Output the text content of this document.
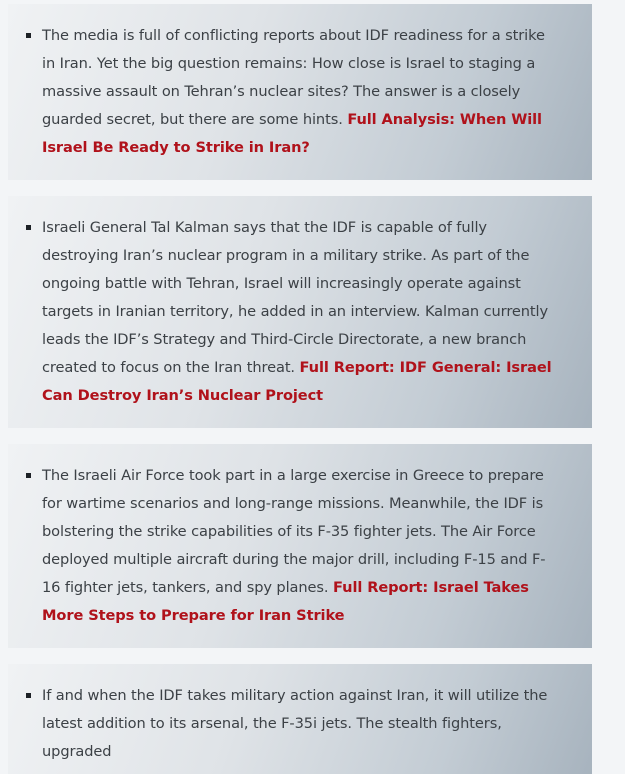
The media is full of conflicting reports about IDF readiness for a strike in Iran. Yet the big question remains: How close is Israel to staging a massive assault on Tehran’s nuclear sites? The answer is a closely guarded secret, but there are some hints. Full Analysis: When Will Israel Be Ready to Strike in Iran?
Israeli General Tal Kalman says that the IDF is capable of fully destroying Iran’s nuclear program in a military strike. As part of the ongoing battle with Tehran, Israel will increasingly operate against targets in Iranian territory, he added in an interview. Kalman currently leads the IDF’s Strategy and Third-Circle Directorate, a new branch created to focus on the Iran threat. Full Report: IDF General: Israel Can Destroy Iran’s Nuclear Project
The Israeli Air Force took part in a large exercise in Greece to prepare for wartime scenarios and long-range missions. Meanwhile, the IDF is bolstering the strike capabilities of its F-35 fighter jets. The Air Force deployed multiple aircraft during the major drill, including F-15 and F-16 fighter jets, tankers, and spy planes. Full Report: Israel Takes More Steps to Prepare for Iran Strike
If and when the IDF takes military action against Iran, it will utilize the latest addition to its arsenal, the F-35i jets. The stealth fighters, upgraded
